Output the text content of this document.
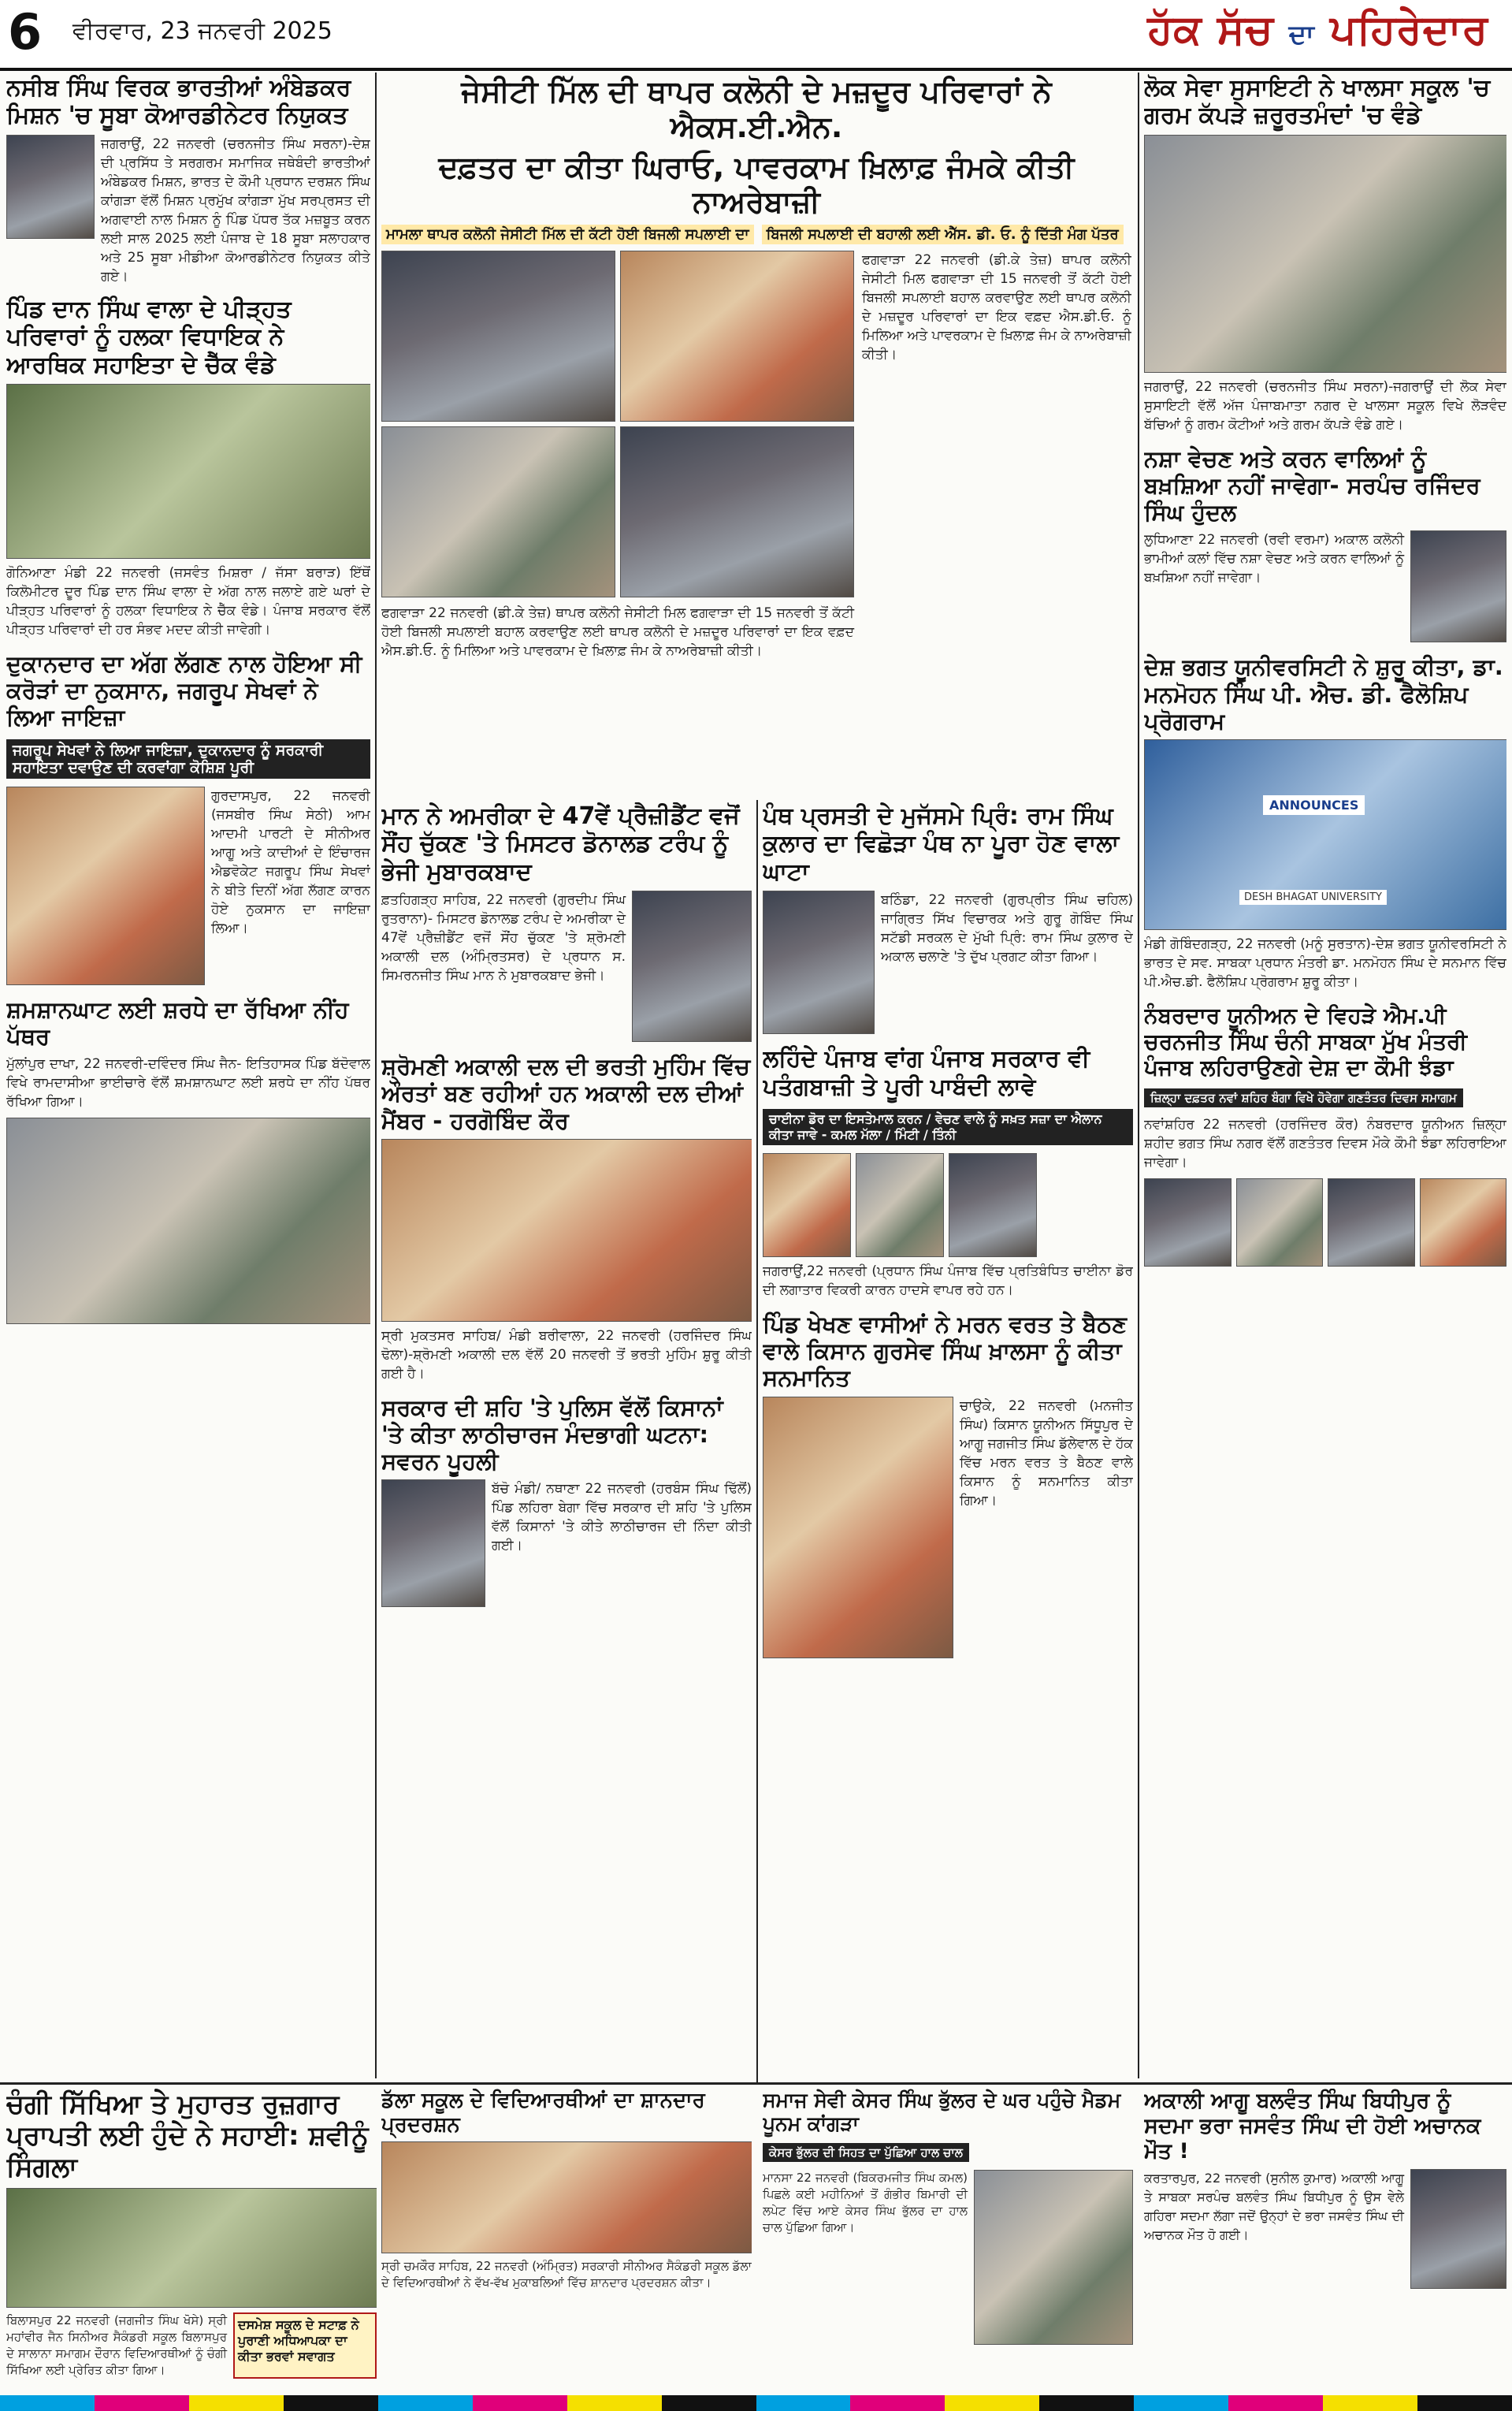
6 ਵੀਰਵਾਰ, 23 ਜਨਵਰੀ 2025	ਹੱਕ ਸੱਚ ਦਾ ਪਹਿਰੇਦਾਰ
ਨਸੀਬ ਸਿੰਘ ਵਿਰਕ ਭਾਰਤੀਆਂ ਅੰਬੇਡਕਰ ਮਿਸ਼ਨ 'ਚ ਸੂਬਾ ਕੋਆਰਡੀਨੇਟਰ ਨਿਯੁਕਤ
ਜਗਰਾਉਂ, 22 ਜਨਵਰੀ (ਚਰਨਜੀਤ ਸਿੰਘ ਸਰਨਾ)-ਦੇਸ਼ ਦੀ ਪ੍ਰਸਿੱਧ ਤੇ ਸਰਗਰਮ ਸਮਾਜਿਕ ਜਥੇਬੰਦੀ ਭਾਰਤੀਆਂ ਅੰਬੇਡਕਰ ਮਿਸ਼ਨ, ਭਾਰਤ ਦੇ ਕੌਮੀ ਪ੍ਰਧਾਨ ਦਰਸ਼ਨ ਸਿੰਘ ਕਾਂਗੜਾ ਵੱਲੋਂ ਮਿਸ਼ਨ ਪ੍ਰਮੁੱਖ ਕਾਂਗੜਾ ਮੁੱਖ ਸਰਪ੍ਰਸਤ ਦੀ ਅਗਵਾਈ ਨਾਲ ਮਿਸ਼ਨ ਨੂੰ ਪਿੰਡ ਪੱਧਰ ਤੱਕ ਮਜ਼ਬੂਤ ਕਰਨ ਲਈ ਸਾਲ 2025 ਲਈ ਪੰਜਾਬ ਦੇ 18 ਸੂਬਾ ਸਲਾਹਕਾਰ ਅਤੇ 25 ਸੂਬਾ ਮੀਡੀਆ ਕੋਆਰਡੀਨੇਟਰ ਨਿਯੁਕਤ ਕੀਤੇ ਗਏ।
ਪਿੰਡ ਦਾਨ ਸਿੰਘ ਵਾਲਾ ਦੇ ਪੀੜ੍ਹਤ ਪਰਿਵਾਰਾਂ ਨੂੰ ਹਲਕਾ ਵਿਧਾਇਕ ਨੇ ਆਰਥਿਕ ਸਹਾਇਤਾ ਦੇ ਚੈੱਕ ਵੰਡੇ
ਗੋਨਿਆਣਾ ਮੰਡੀ 22 ਜਨਵਰੀ (ਜਸਵੰਤ ਮਿਸ਼ਰਾ / ਜੱਸਾ ਬਰਾੜ) ਇੱਥੋਂ ਕਿਲੋਮੀਟਰ ਦੂਰ ਪਿੰਡ ਦਾਨ ਸਿੰਘ ਵਾਲਾ ਦੇ ਅੱਗ ਨਾਲ ਜਲਾਏ ਗਏ ਘਰਾਂ ਦੇ ਪੀੜ੍ਹਤ ਪਰਿਵਾਰਾਂ ਨੂੰ ਹਲਕਾ ਵਿਧਾਇਕ ਨੇ ਚੈੱਕ ਵੰਡੇ। ਪੰਜਾਬ ਸਰਕਾਰ ਵੱਲੋਂ ਪੀੜ੍ਹਤ ਪਰਿਵਾਰਾਂ ਦੀ ਹਰ ਸੰਭਵ ਮਦਦ ਕੀਤੀ ਜਾਵੇਗੀ।
ਦੁਕਾਨਦਾਰ ਦਾ ਅੱਗ ਲੱਗਣ ਨਾਲ ਹੋਇਆ ਸੀ ਕਰੋੜਾਂ ਦਾ ਨੁਕਸਾਨ, ਜਗਰੂਪ ਸੇਖਵਾਂ ਨੇ ਲਿਆ ਜਾਇਜ਼ਾ
ਜਗਰੂਪ ਸੇਖਵਾਂ ਨੇ ਲਿਆ ਜਾਇਜ਼ਾ, ਦੁਕਾਨਦਾਰ ਨੂੰ ਸਰਕਾਰੀ ਸਹਾਇਤਾ ਦਵਾਉਣ ਦੀ ਕਰਵਾਂਗਾ ਕੋਸ਼ਿਸ਼ ਪੂਰੀ
ਗੁਰਦਾਸਪੁਰ, 22 ਜਨਵਰੀ (ਜਸਬੀਰ ਸਿੰਘ ਸੇਠੀ) ਆਮ ਆਦਮੀ ਪਾਰਟੀ ਦੇ ਸੀਨੀਅਰ ਆਗੂ ਅਤੇ ਕਾਦੀਆਂ ਦੇ ਇੰਚਾਰਜ ਐਡਵੋਕੇਟ ਜਗਰੂਪ ਸਿੰਘ ਸੇਖਵਾਂ ਨੇ ਬੀਤੇ ਦਿਨੀਂ ਅੱਗ ਲੱਗਣ ਕਾਰਨ ਹੋਏ ਨੁਕਸਾਨ ਦਾ ਜਾਇਜ਼ਾ ਲਿਆ।
ਸ਼ਮਸ਼ਾਨਘਾਟ ਲਈ ਸ਼ਰਧੇ ਦਾ ਰੱਖਿਆ ਨੀਂਹ ਪੱਥਰ
ਮੁੱਲਾਂਪੁਰ ਦਾਖਾ, 22 ਜਨਵਰੀ-ਦਵਿੰਦਰ ਸਿੰਘ ਜੈਨ- ਇਤਿਹਾਸਕ ਪਿੰਡ ਬੱਦੋਵਾਲ ਵਿਖੇ ਰਾਮਦਾਸੀਆ ਭਾਈਚਾਰੇ ਵੱਲੋਂ ਸ਼ਮਸ਼ਾਨਘਾਟ ਲਈ ਸ਼ਰਧੇ ਦਾ ਨੀਂਹ ਪੱਥਰ ਰੱਖਿਆ ਗਿਆ।
ਜੇਸੀਟੀ ਮਿੱਲ ਦੀ ਥਾਪਰ ਕਲੋਨੀ ਦੇ ਮਜ਼ਦੂਰ ਪਰਿਵਾਰਾਂ ਨੇ ਐਕਸ.ਈ.ਐਨ.
ਦਫ਼ਤਰ ਦਾ ਕੀਤਾ ਘਿਰਾਓ, ਪਾਵਰਕਾਮ ਖ਼ਿਲਾਫ਼ ਜੰਮਕੇ ਕੀਤੀ ਨਾਅਰੇਬਾਜ਼ੀ
ਮਾਮਲਾ ਥਾਪਰ ਕਲੋਨੀ ਜੇਸੀਟੀ ਮਿੱਲ ਦੀ ਕੱਟੀ ਹੋਈ ਬਿਜਲੀ ਸਪਲਾਈ ਦਾ	ਬਿਜਲੀ ਸਪਲਾਈ ਦੀ ਬਹਾਲੀ ਲਈ ਐੱਸ. ਡੀ. ਓ. ਨੂੰ ਦਿੱਤੀ ਮੰਗ ਪੱਤਰ
ਫਗਵਾੜਾ 22 ਜਨਵਰੀ (ਡੀ.ਕੇ ਤੇਜ਼) ਥਾਪਰ ਕਲੋਨੀ ਜੇਸੀਟੀ ਮਿਲ ਫਗਵਾੜਾ ਦੀ 15 ਜਨਵਰੀ ਤੋਂ ਕੱਟੀ ਹੋਈ ਬਿਜਲੀ ਸਪਲਾਈ ਬਹਾਲ ਕਰਵਾਉਣ ਲਈ ਥਾਪਰ ਕਲੋਨੀ ਦੇ ਮਜ਼ਦੂਰ ਪਰਿਵਾਰਾਂ ਦਾ ਇਕ ਵਫ਼ਦ ਐਸ.ਡੀ.ਓ. ਨੂੰ ਮਿਲਿਆ ਅਤੇ ਪਾਵਰਕਾਮ ਦੇ ਖ਼ਿਲਾਫ਼ ਜੰਮ ਕੇ ਨਾਅਰੇਬਾਜ਼ੀ ਕੀਤੀ।
ਫਗਵਾੜਾ 22 ਜਨਵਰੀ (ਡੀ.ਕੇ ਤੇਜ਼) ਥਾਪਰ ਕਲੋਨੀ ਜੇਸੀਟੀ ਮਿਲ ਫਗਵਾੜਾ ਦੀ 15 ਜਨਵਰੀ ਤੋਂ ਕੱਟੀ ਹੋਈ ਬਿਜਲੀ ਸਪਲਾਈ ਬਹਾਲ ਕਰਵਾਉਣ ਲਈ ਥਾਪਰ ਕਲੋਨੀ ਦੇ ਮਜ਼ਦੂਰ ਪਰਿਵਾਰਾਂ ਦਾ ਇਕ ਵਫ਼ਦ ਐਸ.ਡੀ.ਓ. ਨੂੰ ਮਿਲਿਆ ਅਤੇ ਪਾਵਰਕਾਮ ਦੇ ਖ਼ਿਲਾਫ਼ ਜੰਮ ਕੇ ਨਾਅਰੇਬਾਜ਼ੀ ਕੀਤੀ।
ਮਾਨ ਨੇ ਅਮਰੀਕਾ ਦੇ 47ਵੇਂ ਪ੍ਰੈਜ਼ੀਡੈਂਟ ਵਜੋਂ ਸੌਂਹ ਚੁੱਕਣ 'ਤੇ ਮਿਸਟਰ ਡੋਨਾਲਡ ਟਰੰਪ ਨੂੰ ਭੇਜੀ ਮੁਬਾਰਕਬਾਦ
ਫ਼ਤਹਿਗੜ੍ਹ ਸਾਹਿਬ, 22 ਜਨਵਰੀ (ਗੁਰਦੀਪ ਸਿੰਘ ਰੁਤਰਾਨਾ)- ਮਿਸਟਰ ਡੋਨਾਲਡ ਟਰੰਪ ਦੇ ਅਮਰੀਕਾ ਦੇ 47ਵੇਂ ਪ੍ਰੈਜ਼ੀਡੈਂਟ ਵਜੋਂ ਸੌਂਹ ਚੁੱਕਣ 'ਤੇ ਸ਼੍ਰੋਮਣੀ ਅਕਾਲੀ ਦਲ (ਅੰਮ੍ਰਿਤਸਰ) ਦੇ ਪ੍ਰਧਾਨ ਸ. ਸਿਮਰਨਜੀਤ ਸਿੰਘ ਮਾਨ ਨੇ ਮੁਬਾਰਕਬਾਦ ਭੇਜੀ।
ਸ਼੍ਰੋਮਣੀ ਅਕਾਲੀ ਦਲ ਦੀ ਭਰਤੀ ਮੁਹਿੰਮ ਵਿੱਚ ਔਰਤਾਂ ਬਣ ਰਹੀਆਂ ਹਨ ਅਕਾਲੀ ਦਲ ਦੀਆਂ ਮੈਂਬਰ - ਹਰਗੋਬਿੰਦ ਕੌਰ
ਸ੍ਰੀ ਮੁਕਤਸਰ ਸਾਹਿਬ/ ਮੰਡੀ ਬਰੀਵਾਲਾ, 22 ਜਨਵਰੀ (ਹਰਜਿੰਦਰ ਸਿੰਘ ਢੋਲਾ)-ਸ਼੍ਰੋਮਣੀ ਅਕਾਲੀ ਦਲ ਵੱਲੋਂ 20 ਜਨਵਰੀ ਤੋਂ ਭਰਤੀ ਮੁਹਿੰਮ ਸ਼ੁਰੂ ਕੀਤੀ ਗਈ ਹੈ।
ਸਰਕਾਰ ਦੀ ਸ਼ਹਿ 'ਤੇ ਪੁਲਿਸ ਵੱਲੋਂ ਕਿਸਾਨਾਂ 'ਤੇ ਕੀਤਾ ਲਾਠੀਚਾਰਜ ਮੰਦਭਾਗੀ ਘਟਨਾ: ਸਵਰਨ ਪੂਹਲੀ
ਬੱਚੋ ਮੰਡੀ/ ਨਥਾਣਾ 22 ਜਨਵਰੀ (ਹਰਬੰਸ ਸਿੰਘ ਢਿੱਲੋਂ) ਪਿੰਡ ਲਹਿਰਾ ਬੇਗਾ ਵਿੱਚ ਸਰਕਾਰ ਦੀ ਸ਼ਹਿ 'ਤੇ ਪੁਲਿਸ ਵੱਲੋਂ ਕਿਸਾਨਾਂ 'ਤੇ ਕੀਤੇ ਲਾਠੀਚਾਰਜ ਦੀ ਨਿੰਦਾ ਕੀਤੀ ਗਈ।
ਪੰਥ ਪ੍ਰਸਤੀ ਦੇ ਮੁਜੱਸਮੇ ਪ੍ਰਿੰ: ਰਾਮ ਸਿੰਘ ਕੁਲਾਰ ਦਾ ਵਿਛੋੜਾ ਪੰਥ ਨਾ ਪੂਰਾ ਹੋਣ ਵਾਲਾ ਘਾਟਾ
ਬਠਿੰਡਾ, 22 ਜਨਵਰੀ (ਗੁਰਪ੍ਰੀਤ ਸਿੰਘ ਚਹਿਲ) ਜਾਗ੍ਰਿਤ ਸਿੱਖ ਵਿਚਾਰਕ ਅਤੇ ਗੁਰੂ ਗੋਬਿੰਦ ਸਿੰਘ ਸਟੱਡੀ ਸਰਕਲ ਦੇ ਮੁੱਖੀ ਪ੍ਰਿੰ: ਰਾਮ ਸਿੰਘ ਕੁਲਾਰ ਦੇ ਅਕਾਲ ਚਲਾਣੇ 'ਤੇ ਦੁੱਖ ਪ੍ਰਗਟ ਕੀਤਾ ਗਿਆ।
ਲਹਿੰਦੇ ਪੰਜਾਬ ਵਾਂਗ ਪੰਜਾਬ ਸਰਕਾਰ ਵੀ ਪਤੰਗਬਾਜ਼ੀ ਤੇ ਪੂਰੀ ਪਾਬੰਦੀ ਲਾਵੇ
ਚਾਈਨਾ ਡੋਰ ਦਾ ਇਸਤੇਮਾਲ ਕਰਨ / ਵੇਚਣ ਵਾਲੇ ਨੂੰ ਸਖ਼ਤ ਸਜ਼ਾ ਦਾ ਐਲਾਨ ਕੀਤਾ ਜਾਵੇ - ਕਮਲ ਮੱਲਾ / ਮਿੰਟੀ / ਤਿੰਨੀ
ਜਗਰਾਉਂ,22 ਜਨਵਰੀ (ਪ੍ਰਧਾਨ ਸਿੰਘ ਪੰਜਾਬ ਵਿੱਚ ਪ੍ਰਤਿਬੰਧਿਤ ਚਾਈਨਾ ਡੋਰ ਦੀ ਲਗਾਤਾਰ ਵਿਕਰੀ ਕਾਰਨ ਹਾਦਸੇ ਵਾਪਰ ਰਹੇ ਹਨ।
ਪਿੰਡ ਖੇਖਣ ਵਾਸੀਆਂ ਨੇ ਮਰਨ ਵਰਤ ਤੇ ਬੈਠਣ ਵਾਲੇ ਕਿਸਾਨ ਗੁਰਸੇਵ ਸਿੰਘ ਖ਼ਾਲਸਾ ਨੂੰ ਕੀਤਾ ਸਨਮਾਨਿਤ
ਚਾਉਕੇ, 22 ਜਨਵਰੀ (ਮਨਜੀਤ ਸਿੰਘ) ਕਿਸਾਨ ਯੂਨੀਅਨ ਸਿੱਧੂਪੁਰ ਦੇ ਆਗੂ ਜਗਜੀਤ ਸਿੰਘ ਡੱਲੇਵਾਲ ਦੇ ਹੱਕ ਵਿੱਚ ਮਰਨ ਵਰਤ ਤੇ ਬੈਠਣ ਵਾਲੇ ਕਿਸਾਨ ਨੂੰ ਸਨਮਾਨਿਤ ਕੀਤਾ ਗਿਆ।
ਲੋਕ ਸੇਵਾ ਸੁਸਾਇਟੀ ਨੇ ਖਾਲਸਾ ਸਕੂਲ 'ਚ ਗਰਮ ਕੱਪੜੇ ਜ਼ਰੂਰਤਮੰਦਾਂ 'ਚ ਵੰਡੇ
ਜਗਰਾਉਂ, 22 ਜਨਵਰੀ (ਚਰਨਜੀਤ ਸਿੰਘ ਸਰਨਾ)-ਜਗਰਾਉਂ ਦੀ ਲੋਕ ਸੇਵਾ ਸੁਸਾਇਟੀ ਵੱਲੋਂ ਅੱਜ ਪੰਜਾਬਮਾਤਾ ਨਗਰ ਦੇ ਖਾਲਸਾ ਸਕੂਲ ਵਿਖੇ ਲੋੜਵੰਦ ਬੱਚਿਆਂ ਨੂੰ ਗਰਮ ਕੋਟੀਆਂ ਅਤੇ ਗਰਮ ਕੱਪੜੇ ਵੰਡੇ ਗਏ।
ਨਸ਼ਾ ਵੇਚਣ ਅਤੇ ਕਰਨ ਵਾਲਿਆਂ ਨੂੰ ਬਖ਼ਸ਼ਿਆ ਨਹੀਂ ਜਾਵੇਗਾ- ਸਰਪੰਚ ਰਜਿੰਦਰ ਸਿੰਘ ਹੁੰਦਲ
ਲੁਧਿਆਣਾ 22 ਜਨਵਰੀ (ਰਵੀ ਵਰਮਾ) ਅਕਾਲ ਕਲੋਨੀ ਭਾਮੀਆਂ ਕਲਾਂ ਵਿੱਚ ਨਸ਼ਾ ਵੇਚਣ ਅਤੇ ਕਰਨ ਵਾਲਿਆਂ ਨੂੰ ਬਖ਼ਸ਼ਿਆ ਨਹੀਂ ਜਾਵੇਗਾ।
ਦੇਸ਼ ਭਗਤ ਯੂਨੀਵਰਸਿਟੀ ਨੇ ਸ਼ੁਰੂ ਕੀਤਾ, ਡਾ. ਮਨਮੋਹਨ ਸਿੰਘ ਪੀ. ਐਚ. ਡੀ. ਫੈਲੋਸ਼ਿਪ ਪ੍ਰੋਗਰਾਮ
ANNOUNCES
DESH BHAGAT UNIVERSITY
ਮੰਡੀ ਗੋਬਿੰਦਗੜ੍ਹ, 22 ਜਨਵਰੀ (ਮਨੂੰ ਸੁਰਤਾਨ)-ਦੇਸ਼ ਭਗਤ ਯੂਨੀਵਰਸਿਟੀ ਨੇ ਭਾਰਤ ਦੇ ਸਵ. ਸਾਬਕਾ ਪ੍ਰਧਾਨ ਮੰਤਰੀ ਡਾ. ਮਨਮੋਹਨ ਸਿੰਘ ਦੇ ਸਨਮਾਨ ਵਿੱਚ ਪੀ.ਐਚ.ਡੀ. ਫੈਲੋਸ਼ਿਪ ਪ੍ਰੋਗਰਾਮ ਸ਼ੁਰੂ ਕੀਤਾ।
ਨੰਬਰਦਾਰ ਯੂਨੀਅਨ ਦੇ ਵਿਹੜੇ ਐਮ.ਪੀ ਚਰਨਜੀਤ ਸਿੰਘ ਚੰਨੀ ਸਾਬਕਾ ਮੁੱਖ ਮੰਤਰੀ ਪੰਜਾਬ ਲਹਿਰਾਉਣਗੇ ਦੇਸ਼ ਦਾ ਕੌਮੀ ਝੰਡਾ
ਜ਼ਿਲ੍ਹਾ ਦਫ਼ਤਰ ਨਵਾਂ ਸ਼ਹਿਰ ਬੰਗਾ ਵਿਖੇ ਹੋਵੇਗਾ ਗਣਤੰਤਰ ਦਿਵਸ ਸਮਾਗਮ
ਨਵਾਂਸ਼ਹਿਰ 22 ਜਨਵਰੀ (ਹਰਜਿੰਦਰ ਕੌਰ) ਨੰਬਰਦਾਰ ਯੂਨੀਅਨ ਜ਼ਿਲ੍ਹਾ ਸ਼ਹੀਦ ਭਗਤ ਸਿੰਘ ਨਗਰ ਵੱਲੋਂ ਗਣਤੰਤਰ ਦਿਵਸ ਮੌਕੇ ਕੌਮੀ ਝੰਡਾ ਲਹਿਰਾਇਆ ਜਾਵੇਗਾ।
ਅਕਾਲੀ ਆਗੂ ਬਲਵੰਤ ਸਿੰਘ ਬਿਧੀਪੁਰ ਨੂੰ ਸਦਮਾ ਭਰਾ ਜਸਵੰਤ ਸਿੰਘ ਦੀ ਹੋਈ ਅਚਾਨਕ ਮੌਤ !
ਕਰਤਾਰਪੁਰ, 22 ਜਨਵਰੀ (ਸੁਨੀਲ ਕੁਮਾਰ) ਅਕਾਲੀ ਆਗੂ ਤੇ ਸਾਬਕਾ ਸਰਪੰਚ ਬਲਵੰਤ ਸਿੰਘ ਬਿਧੀਪੁਰ ਨੂੰ ਉਸ ਵੇਲੇ ਗਹਿਰਾ ਸਦਮਾ ਲੱਗਾ ਜਦੋਂ ਉਨ੍ਹਾਂ ਦੇ ਭਰਾ ਜਸਵੰਤ ਸਿੰਘ ਦੀ ਅਚਾਨਕ ਮੌਤ ਹੋ ਗਈ।
ਚੰਗੀ ਸਿੱਖਿਆ ਤੇ ਮੁਹਾਰਤ ਰੁਜ਼ਗਾਰ ਪ੍ਰਾਪਤੀ ਲਈ ਹੁੰਦੇ ਨੇ ਸਹਾਈ: ਸ਼ਵੀਨੂੰ ਸਿੰਗਲਾ
ਬਿਲਾਸਪੁਰ 22 ਜਨਵਰੀ (ਜਗਜੀਤ ਸਿੰਘ ਖੋਸੇ) ਸ੍ਰੀ ਮਹਾਂਵੀਰ ਜੈਨ ਸਿਨੀਅਰ ਸੈਕੰਡਰੀ ਸਕੂਲ ਬਿਲਾਸਪੁਰ ਦੇ ਸਾਲਾਨਾ ਸਮਾਗਮ ਦੌਰਾਨ ਵਿਦਿਆਰਥੀਆਂ ਨੂੰ ਚੰਗੀ ਸਿੱਖਿਆ ਲਈ ਪ੍ਰੇਰਿਤ ਕੀਤਾ ਗਿਆ।
ਦਸਮੇਸ਼ ਸਕੂਲ ਦੇ ਸਟਾਫ਼ ਨੇ ਪੁਰਾਣੀ ਅਧਿਆਪਕਾ ਦਾ ਕੀਤਾ ਭਰਵਾਂ ਸਵਾਗਤ
ਡੱਲਾ ਸਕੂਲ ਦੇ ਵਿਦਿਆਰਥੀਆਂ ਦਾ ਸ਼ਾਨਦਾਰ ਪ੍ਰਦਰਸ਼ਨ
ਸ੍ਰੀ ਚਮਕੌਰ ਸਾਹਿਬ, 22 ਜਨਵਰੀ (ਅੰਮ੍ਰਿਤ) ਸਰਕਾਰੀ ਸੀਨੀਅਰ ਸੈਕੰਡਰੀ ਸਕੂਲ ਡੱਲਾ ਦੇ ਵਿਦਿਆਰਥੀਆਂ ਨੇ ਵੱਖ-ਵੱਖ ਮੁਕਾਬਲਿਆਂ ਵਿੱਚ ਸ਼ਾਨਦਾਰ ਪ੍ਰਦਰਸ਼ਨ ਕੀਤਾ।
ਸਮਾਜ ਸੇਵੀ ਕੇਸਰ ਸਿੰਘ ਭੁੱਲਰ ਦੇ ਘਰ ਪਹੁੰਚੇ ਮੈਡਮ ਪੂਨਮ ਕਾਂਗੜਾ
ਕੇਸਰ ਭੁੱਲਰ ਦੀ ਸਿਹਤ ਦਾ ਪੁੱਛਿਆ ਹਾਲ ਚਾਲ
ਮਾਨਸਾ 22 ਜਨਵਰੀ (ਬਿਕਰਮਜੀਤ ਸਿੰਘ ਕਮਲ) ਪਿਛਲੇ ਕਈ ਮਹੀਨਿਆਂ ਤੋਂ ਗੰਭੀਰ ਬਿਮਾਰੀ ਦੀ ਲਪੇਟ ਵਿੱਚ ਆਏ ਕੇਸਰ ਸਿੰਘ ਭੁੱਲਰ ਦਾ ਹਾਲ ਚਾਲ ਪੁੱਛਿਆ ਗਿਆ।
